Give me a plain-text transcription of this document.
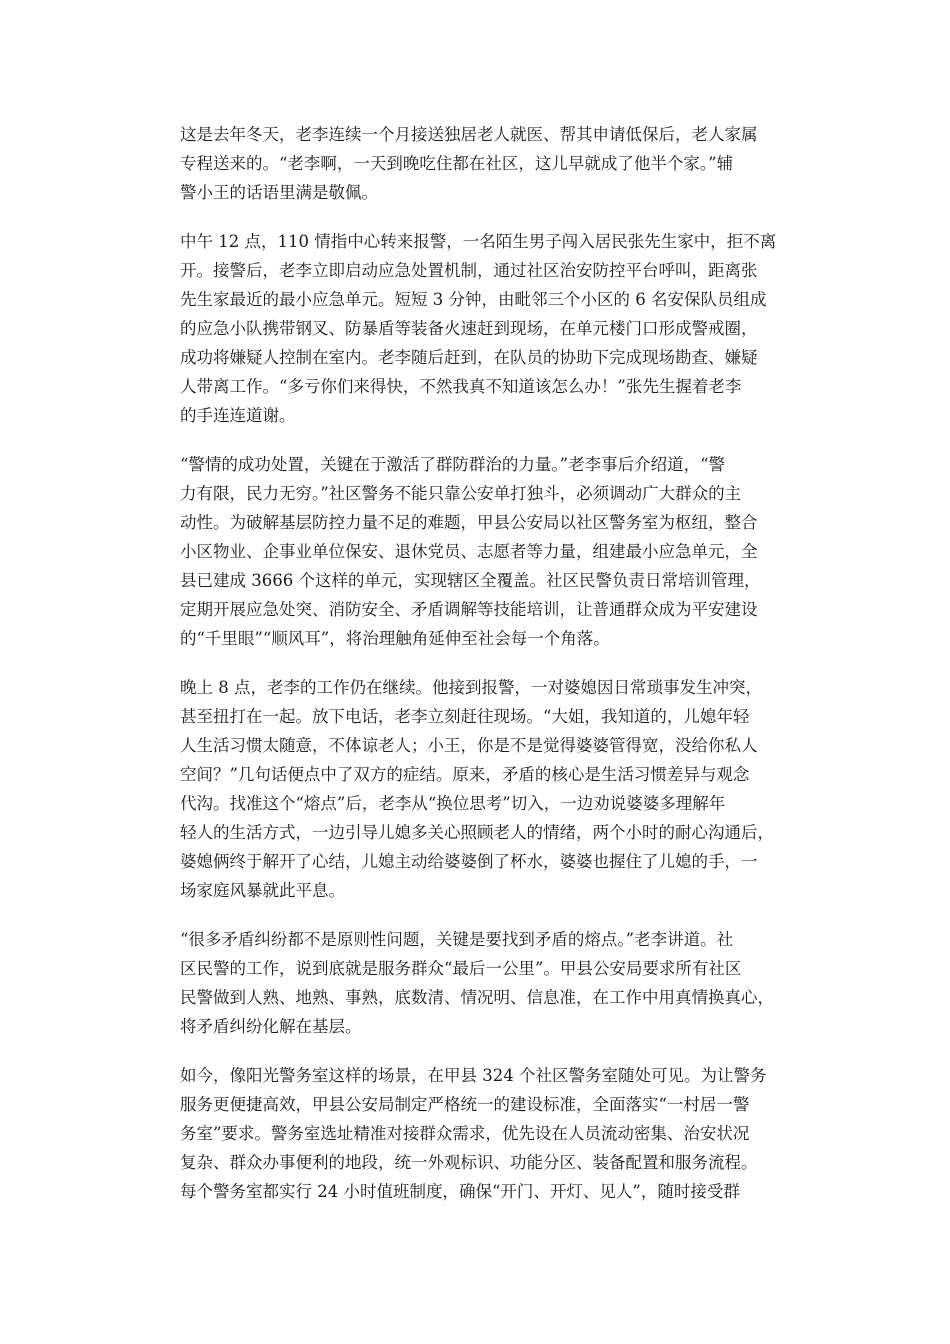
这是去年冬天，老李连续一个月接送独居老人就医、帮其申请低保后，老人家属
专程送来的。“老李啊，一天到晚吃住都在社区，这儿早就成了他半个家。”辅
警小王的话语里满是敬佩。

中午 12 点，110 情指中心转来报警，一名陌生男子闯入居民张先生家中，拒不离
开。接警后，老李立即启动应急处置机制，通过社区治安防控平台呼叫，距离张
先生家最近的最小应急单元。短短 3 分钟，由毗邻三个小区的 6 名安保队员组成
的应急小队携带钢叉、防暴盾等装备火速赶到现场，在单元楼门口形成警戒圈，
成功将嫌疑人控制在室内。老李随后赶到，在队员的协助下完成现场勘查、嫌疑
人带离工作。“多亏你们来得快，不然我真不知道该怎么办！”张先生握着老李
的手连连道谢。

“警情的成功处置，关键在于激活了群防群治的力量。”老李事后介绍道，“警
力有限，民力无穷。”社区警务不能只靠公安单打独斗，必须调动广大群众的主
动性。为破解基层防控力量不足的难题，甲县公安局以社区警务室为枢纽，整合
小区物业、企事业单位保安、退休党员、志愿者等力量，组建最小应急单元，全
县已建成 3666 个这样的单元，实现辖区全覆盖。社区民警负责日常培训管理，
定期开展应急处突、消防安全、矛盾调解等技能培训，让普通群众成为平安建设
的“千里眼”“顺风耳”，将治理触角延伸至社会每一个角落。

晚上 8 点，老李的工作仍在继续。他接到报警，一对婆媳因日常琐事发生冲突，
甚至扭打在一起。放下电话，老李立刻赶往现场。“大姐，我知道的，儿媳年轻
人生活习惯太随意，不体谅老人；小王，你是不是觉得婆婆管得宽，没给你私人
空间？”几句话便点中了双方的症结。原来，矛盾的核心是生活习惯差异与观念
代沟。找准这个“熔点”后，老李从“换位思考”切入，一边劝说婆婆多理解年
轻人的生活方式，一边引导儿媳多关心照顾老人的情绪，两个小时的耐心沟通后，
婆媳俩终于解开了心结，儿媳主动给婆婆倒了杯水，婆婆也握住了儿媳的手，一
场家庭风暴就此平息。

“很多矛盾纠纷都不是原则性问题，关键是要找到矛盾的熔点。”老李讲道。社
区民警的工作，说到底就是服务群众“最后一公里”。甲县公安局要求所有社区
民警做到人熟、地熟、事熟，底数清、情况明、信息准，在工作中用真情换真心，
将矛盾纠纷化解在基层。

如今，像阳光警务室这样的场景，在甲县 324 个社区警务室随处可见。为让警务
服务更便捷高效，甲县公安局制定严格统一的建设标准，全面落实“一村居一警
务室”要求。警务室选址精准对接群众需求，优先设在人员流动密集、治安状况
复杂、群众办事便利的地段，统一外观标识、功能分区、装备配置和服务流程。
每个警务室都实行 24 小时值班制度，确保“开门、开灯、见人”，随时接受群
